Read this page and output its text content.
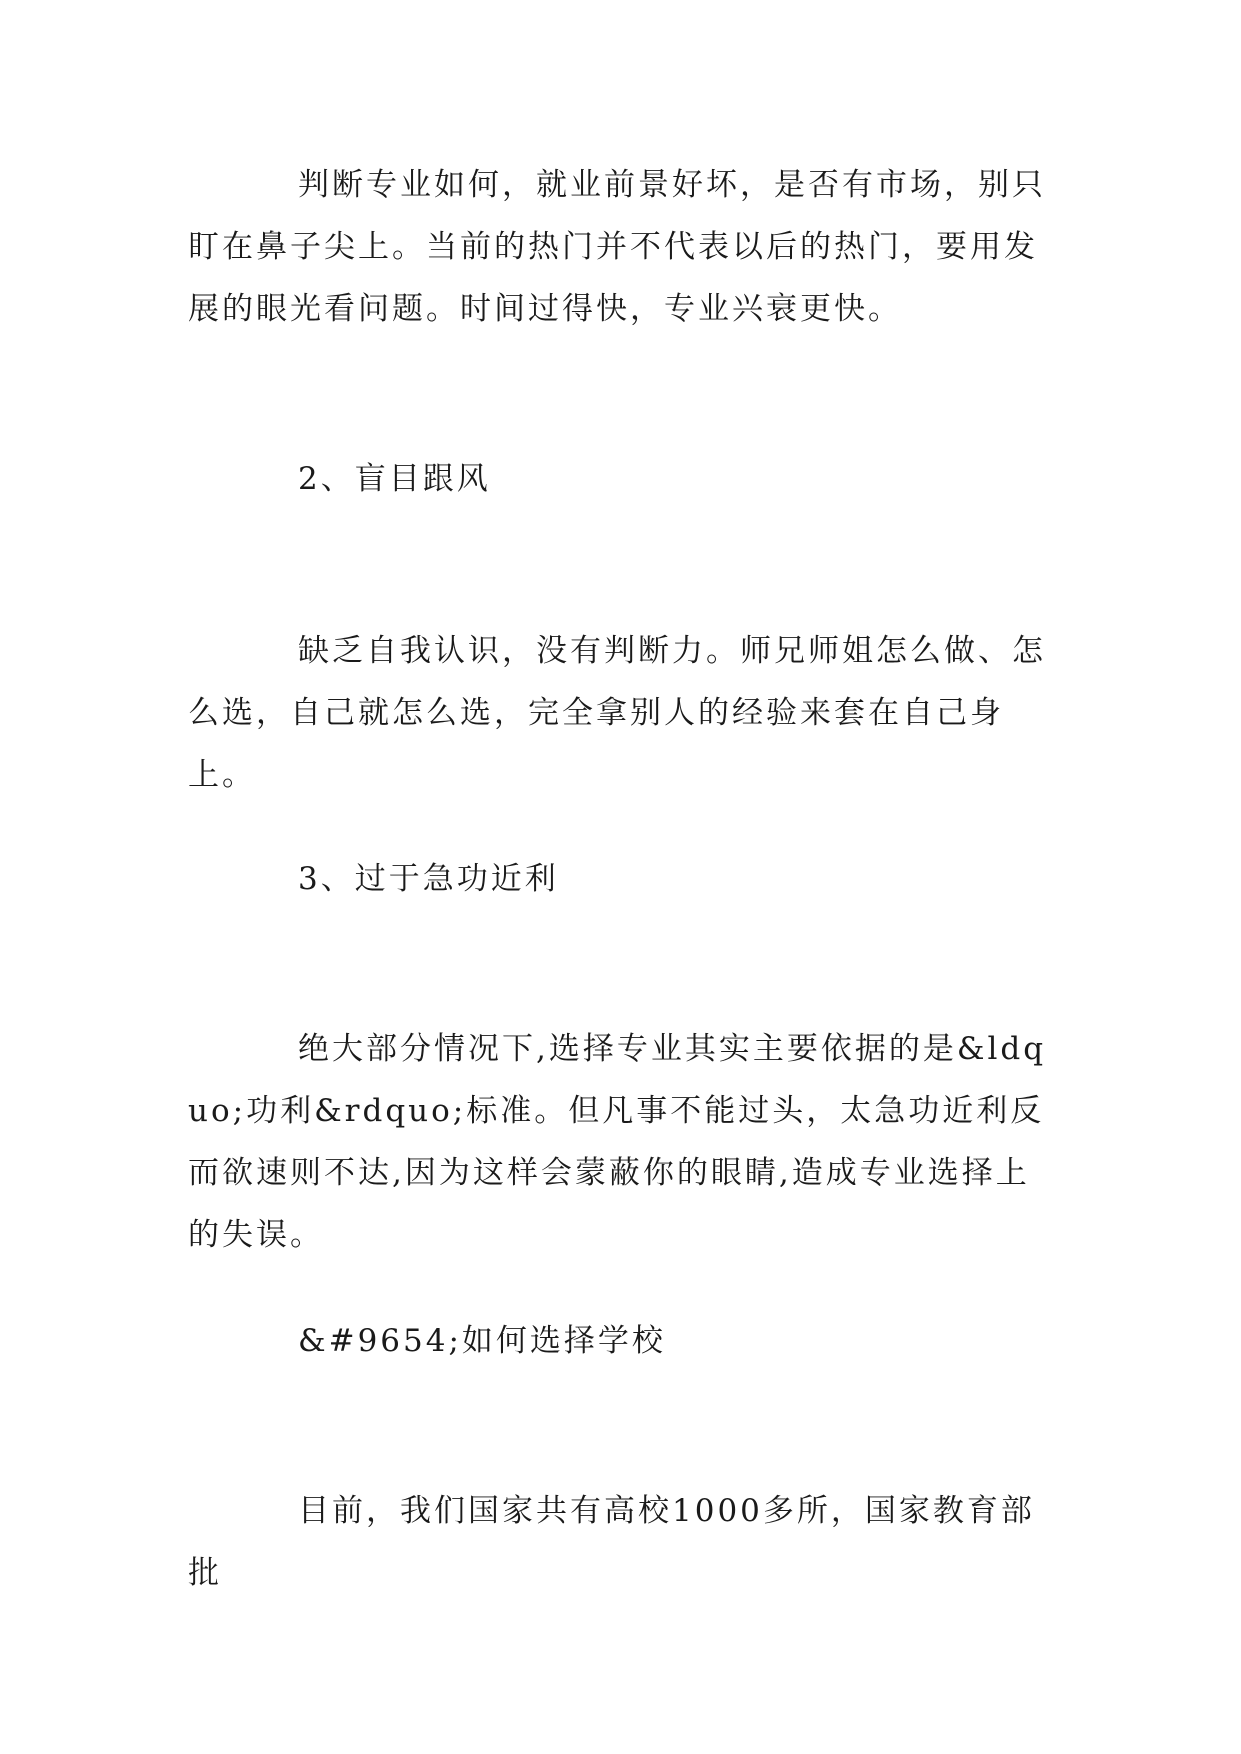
判断专业如何，就业前景好坏，是否有市场，别只盯在鼻子尖上。当前的热门并不代表以后的热门，要用发展的眼光看问题。时间过得快，专业兴衰更快。

2、盲目跟风

缺乏自我认识，没有判断力。师兄师姐怎么做、怎么选，自己就怎么选，完全拿别人的经验来套在自己身上。

3、过于急功近利

绝大部分情况下,选择专业其实主要依据的是&ldquo;功利&rdquo;标准。但凡事不能过头，太急功近利反而欲速则不达,因为这样会蒙蔽你的眼睛,造成专业选择上的失误。

&#9654;如何选择学校

目前，我们国家共有高校1000多所，国家教育部批
